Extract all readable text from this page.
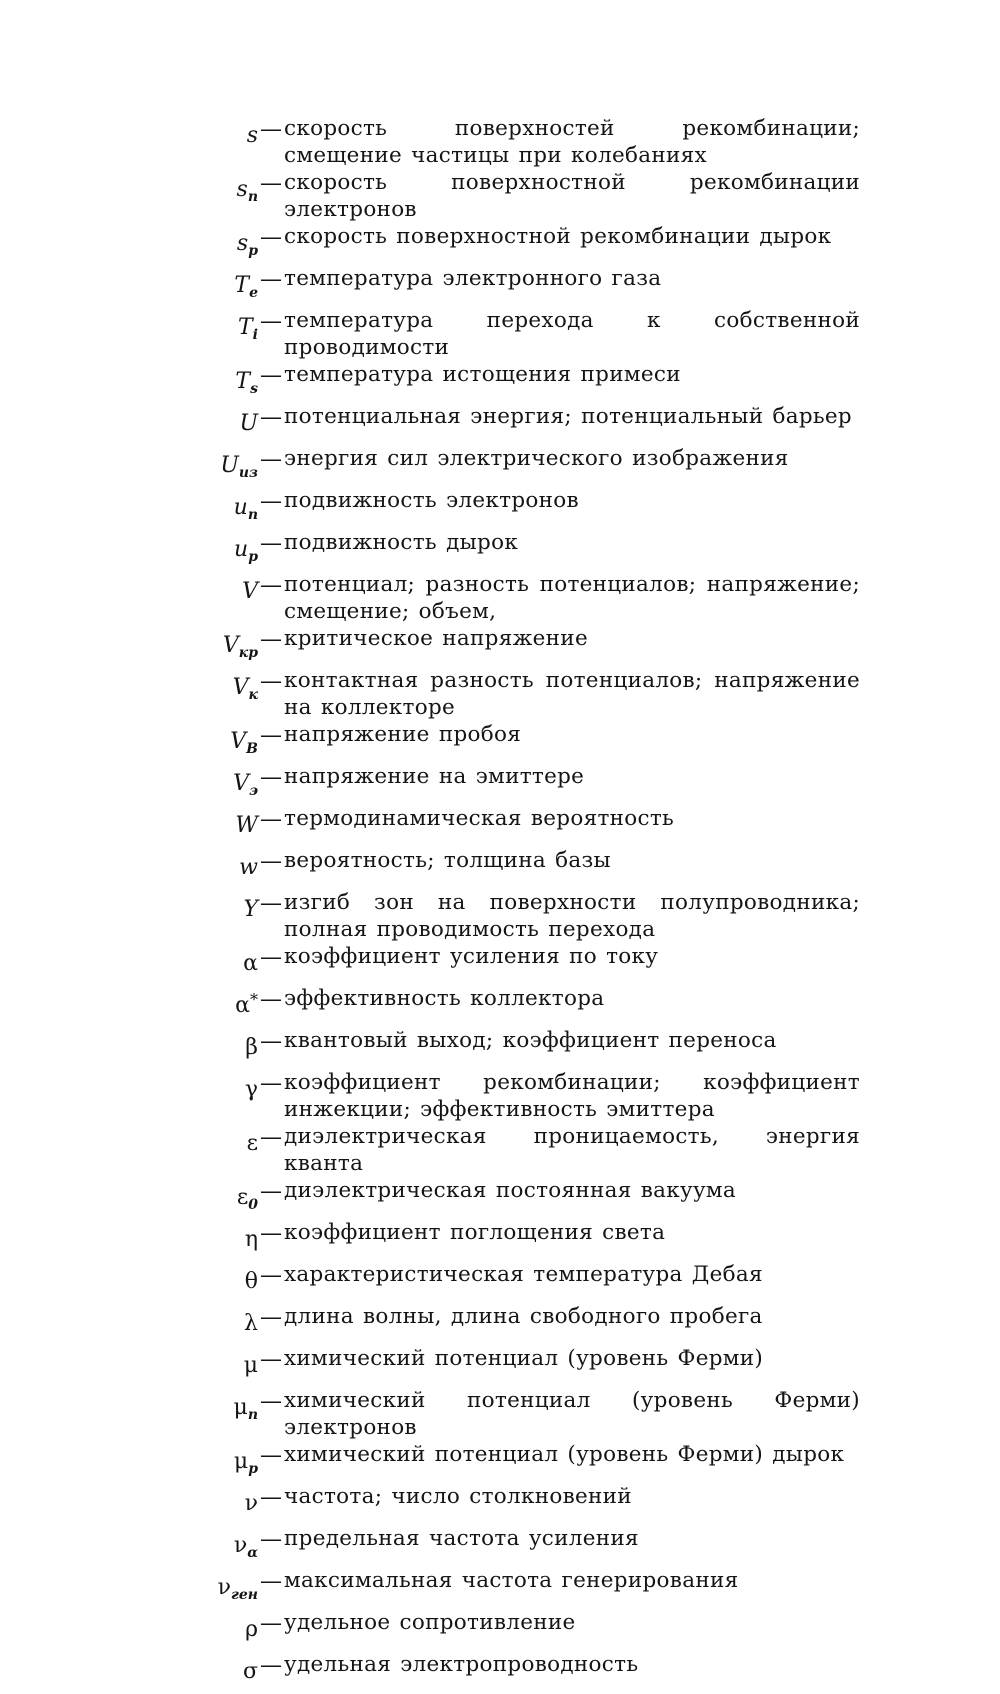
s — скорость поверхностей рекомбинации; смещение частицы при колебаниях
$s_n$
— скорость поверхностной рекомбинации электронов
$s_p$
— скорость поверхностной рекомбинации дырок
$T_e$
— температура электронного газа
$T_i$
— температура перехода к собственной проводимости
$T_s$
— температура истощения примеси
U — потенциальная энергия; потенциальный барьер
$U_{из}$
— энергия сил электрического изображения
$u_n$
— подвижность электронов
$u_p$
— подвижность дырок
V — потенциал; разность потенциалов; напряжение; смещение; объем,
$V_{кр}$
— критическое напряжение
$V_к$
— контактная разность потенциалов; напряжение на коллекторе
$V_B$
— напряжение пробоя
$V_э$
— напряжение на эмиттере
W — термодинамическая вероятность
w — вероятность; толщина базы
Y — изгиб зон на поверхности полупроводника; полная проводимость перехода
α — коэффициент усиления по току
α* — эффективность коллектора
β — квантовый выход; коэффициент переноса
γ — коэффициент рекомбинации; коэффициент инжекции; эффективность эмиттера
ε — диэлектрическая проницаемость, энергия кванта
$\varepsilon_0$
— диэлектрическая постоянная вакуума
η — коэффициент поглощения света
θ — характеристическая температура Дебая
λ — длина волны, длина свободного пробега
μ — химический потенциал (уровень Ферми)
$\mu_n$
— химический потенциал (уровень Ферми) электронов
$\mu_p$
— химический потенциал (уровень Ферми) дырок
ν — частота; число столкновений
$\nu_\alpha$
— предельная частота усиления
$\nu_{ген}$
— максимальная частота генерирования
ρ — удельное сопротивление
σ — удельная электропроводность
